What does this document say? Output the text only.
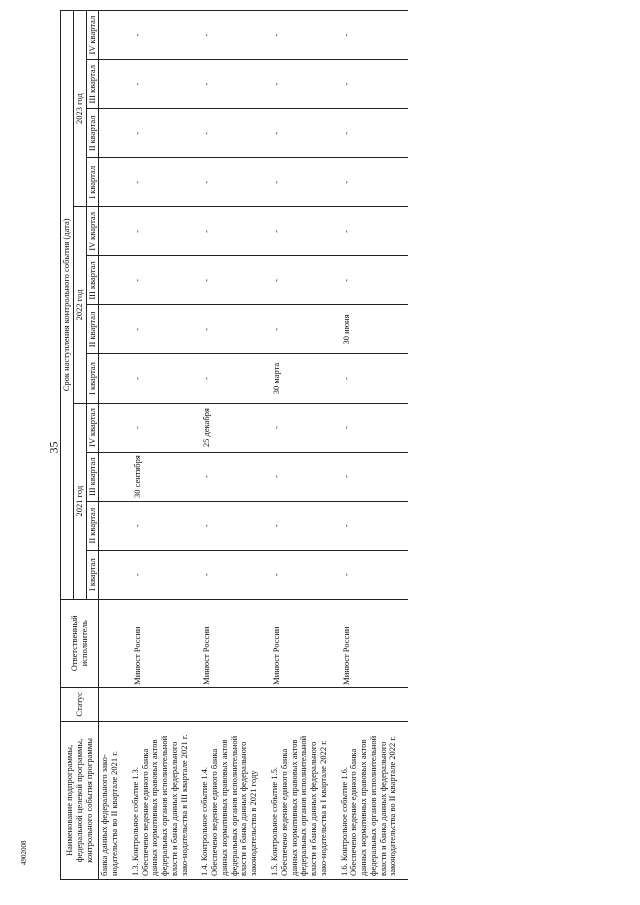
35
Наименование подпрограммы, федеральной целевой программы, контрольного события программы	Статус	Ответственный исполнитель	Срок наступления контрольного события (дата)											
			2021 год				2022 год				2023 год			
			I квартал	II квартал	III квартал	IV квартал	I квартал	II квартал	III квартал	IV квартал	I квартал	II квартал	III квартал	IV квартал

банка данных федерального зако-нодательства во II квартале 2021 г.														
1.3. Контрольное событие 1.3. Обеспечено ведение единого банка данных нормативных правовых актов федеральных органов исполнительной власти и банка данных федерального зако-нодательства в III квартале 2021 г.		Минюст России	-	-	30 сентября	-	-	-	-	-	-	-	-	-
1.4. Контрольное событие 1.4. Обеспечено ведение единого банка данных нормативных правовых актов федеральных органов исполнительной власти и банка данных федерального законодательства в 2021 году		Минюст России	-	-	-	25 декабря	-	-	-	-	-	-	-	-
1.5. Контрольное событие 1.5. Обеспечено ведение единого банка данных нормативных правовых актов федеральных органов исполнительной власти и банка данных федерального зако-нодательства в I квартале 2022 г.		Минюст России	-	-	-	-	30 марта	-	-	-	-	-	-	-
1.6. Контрольное событие 1.6. Обеспечено ведение единого банка данных нормативных правовых актов федеральных органов исполнительной власти и банка данных федерального законодательства во II квартале 2022 г.		Минюст России	-	-	-	-	-	30 июня	-	-	-	-	-	-
4902008
